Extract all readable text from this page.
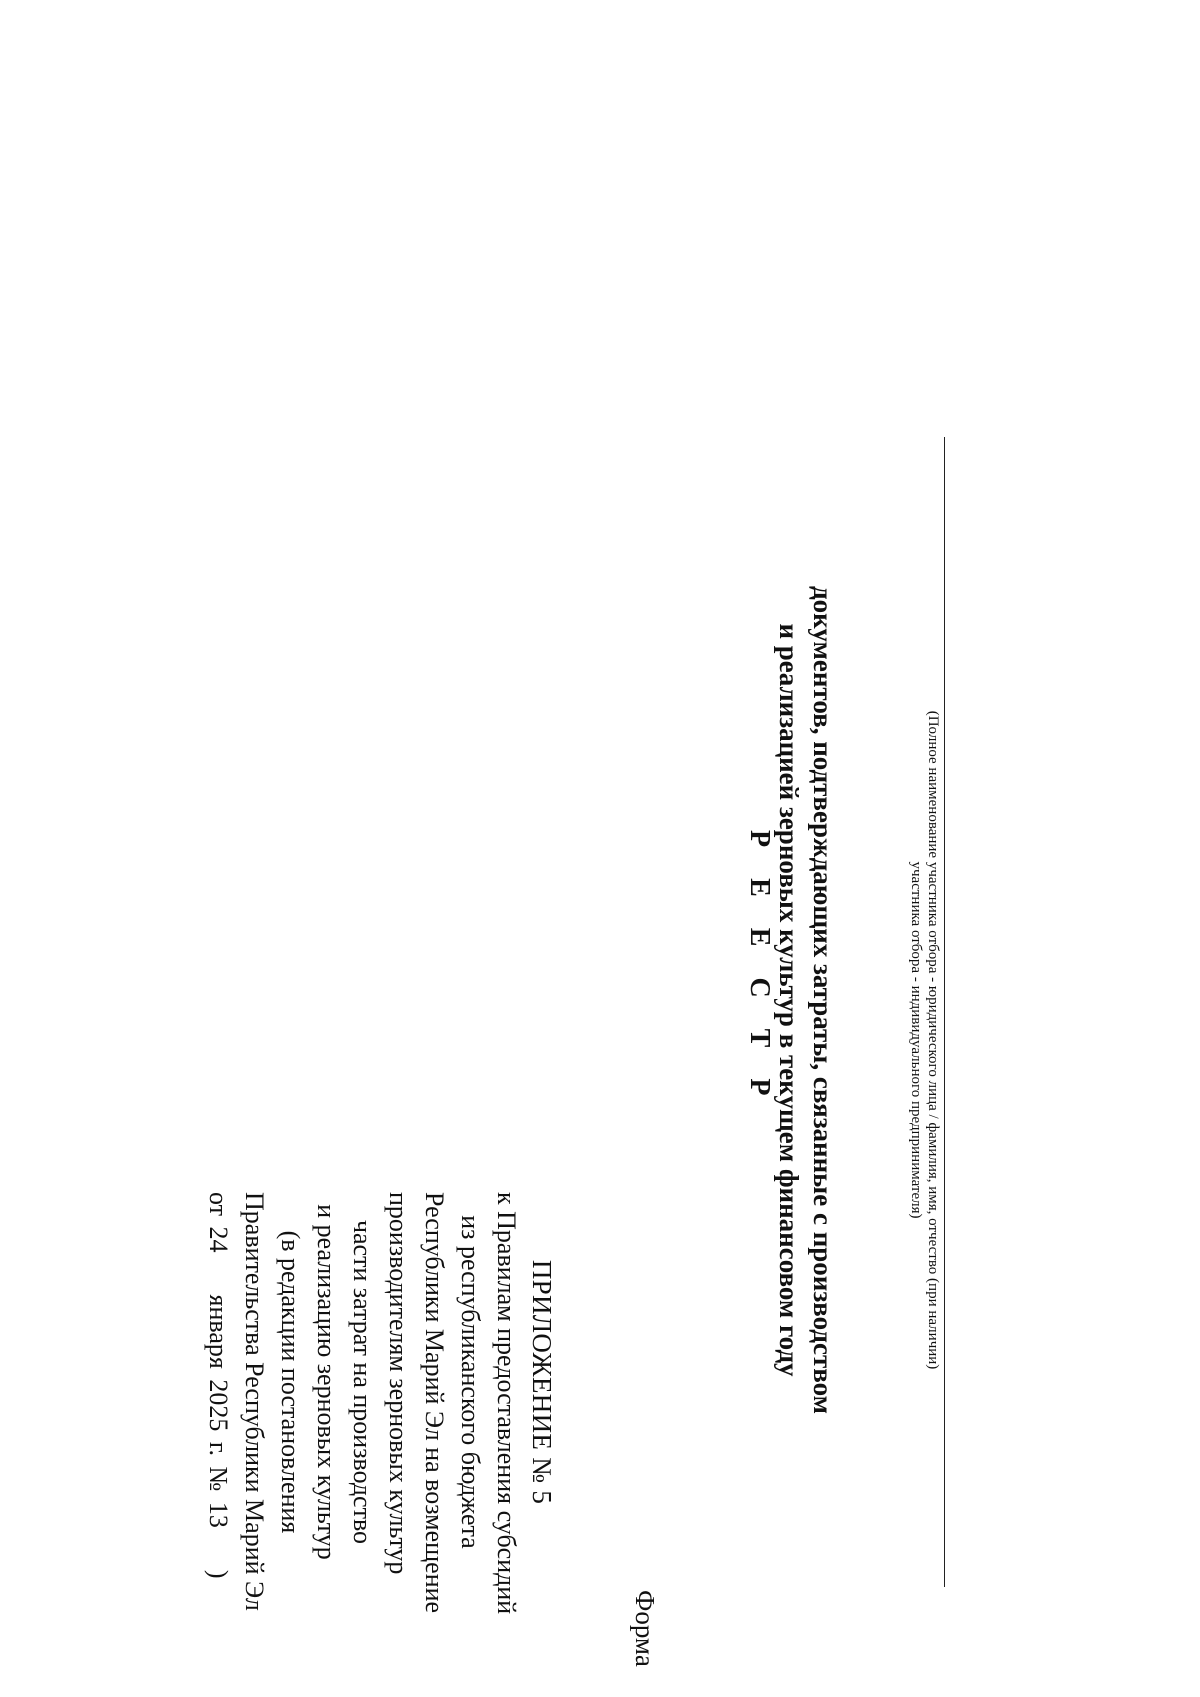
ПРИЛОЖЕНИЕ № 5
к Правилам предоставления субсидий
из республиканского бюджета
Республики Марий Эл на возмещение
производителям зерновых культур
части затрат на производство
и реализацию зерновых культур
(в редакции постановления
Правительства Республики Марий Эл
от 24    января 2025 г. № 13    )
Форма
Р Е Е С Т Р документов, подтверждающих затраты, связанные с производством
и реализацией зерновых культур в текущем финансовом году	(Полное наименование участника отбора - юридического лица / фамилия, имя, отчество (при наличии)
участника отбора - индивидуального предпринимателя)
